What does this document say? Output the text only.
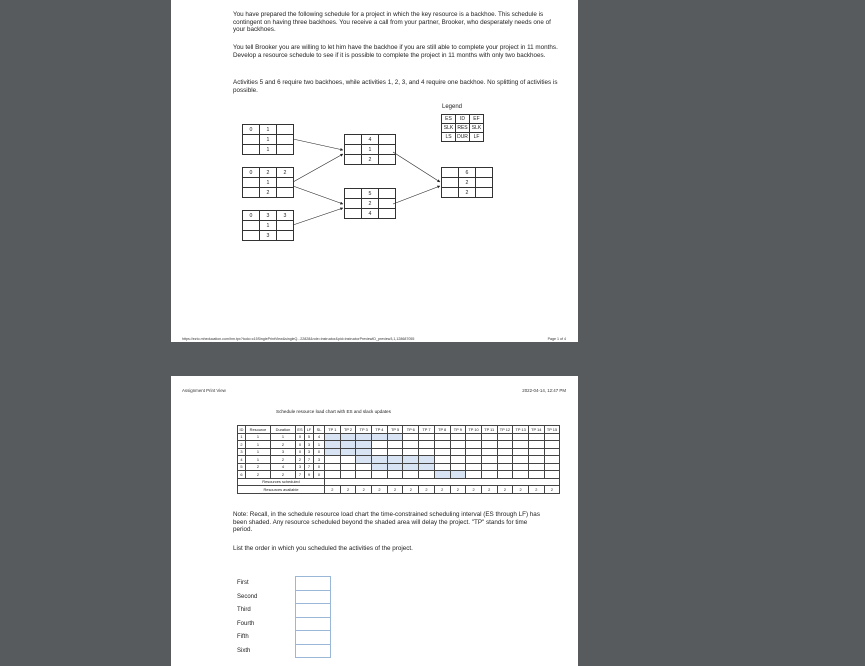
You have prepared the following schedule for a project in which the key resource is a backhoe. This schedule is contingent on having three backhoes. You receive a call from your partner, Brooker, who desperately needs one of your backhoes.

You tell Brooker you are willing to let him have the backhoe if you are still able to complete your project in 11 months. Develop a resource schedule to see if it is possible to complete the project in 11 months with only two backhoes.

Activities 5 and 6 require two backhoes, while activities 1, 2, 3, and 4 require one backhoe. No splitting of activities is possible.

Legend
ES	ID	EF
SLK	RES	SLK
LS	DUR	LF
0	1	
	1	
	1	
0	2	2
	1	
	2	
0	3	3
	1	
	3	
	4	
	1	
	2	
	5	
	2	
	4	
	6	
	2	
	2	
https://ezto.mheducation.com/hm.tpx?todo=c15SinglePrintView&singleQ...22828&role=instructor&pid=instructorPreviewID_preview3,1,128687055	Page 1 of 4
Assignment Print View	2022-04-14, 12:47 PM
Schedule resource load chart with ES and slack updates
ID	Resource	Duration	ES	LF	SL	TP 1	TP 2	TP 3	TP 4	TP 5	TP 6	TP 7	TP 8	TP 9	TP 10	TP 11	TP 12	TP 13	TP 14	TP 15
1	1	1	0	5	4															
2	1	2	0	3	1															
3	1	3	0	3	0															
4	1	2	2	7	3															
5	2	4	3	7	0															
6	2	2	7	9	0															
Resources scheduled																				
Resources available						2	2	2	2	2	2	2	2	2	2	2	2	2	2	2

Note: Recall, in the schedule resource load chart the time-constrained scheduling interval (ES through LF) has been shaded. Any resource scheduled beyond the shaded area will delay the project. "TP" stands for time period.

List the order in which you scheduled the activities of the project.

First	
Second	
Third	
Fourth	
Fifth	
Sixth	
